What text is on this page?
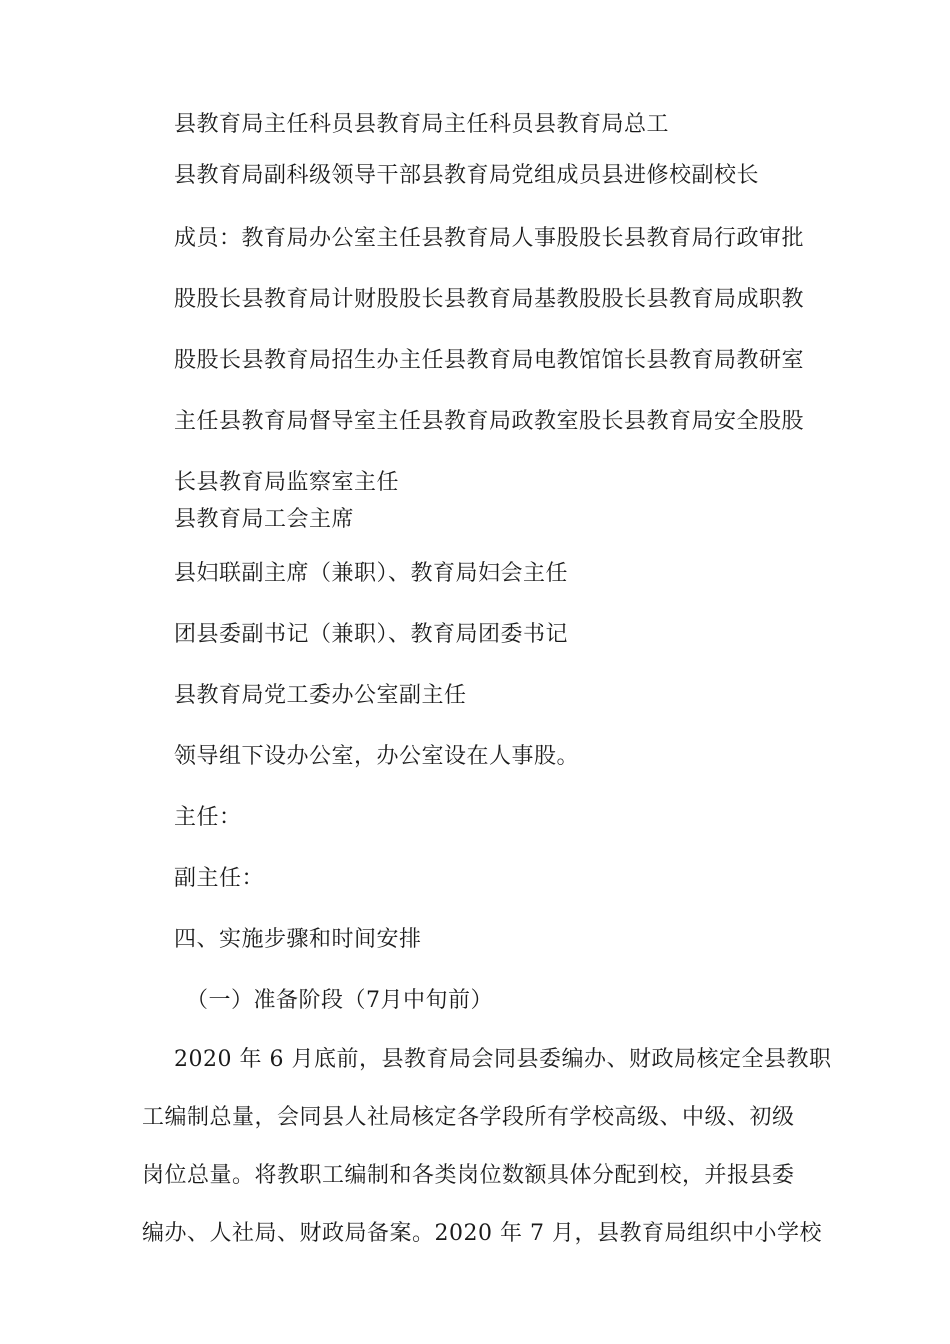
县教育局主任科员县教育局主任科员县教育局总工
县教育局副科级领导干部县教育局党组成员县进修校副校长
成员：教育局办公室主任县教育局人事股股长县教育局行政审批
股股长县教育局计财股股长县教育局基教股股长县教育局成职教
股股长县教育局招生办主任县教育局电教馆馆长县教育局教研室
主任县教育局督导室主任县教育局政教室股长县教育局安全股股
长县教育局监察室主任
县教育局工会主席
县妇联副主席（兼职）、教育局妇会主任
团县委副书记（兼职）、教育局团委书记
县教育局党工委办公室副主任
领导组下设办公室，办公室设在人事股。
主任：
副主任：
四、实施步骤和时间安排
（一）准备阶段（7月中旬前）
2020 年 6 月底前，县教育局会同县委编办、财政局核定全县教职
工编制总量，会同县人社局核定各学段所有学校高级、中级、初级
岗位总量。将教职工编制和各类岗位数额具体分配到校，并报县委
编办、人社局、财政局备案。2020 年 7 月，县教育局组织中小学校
